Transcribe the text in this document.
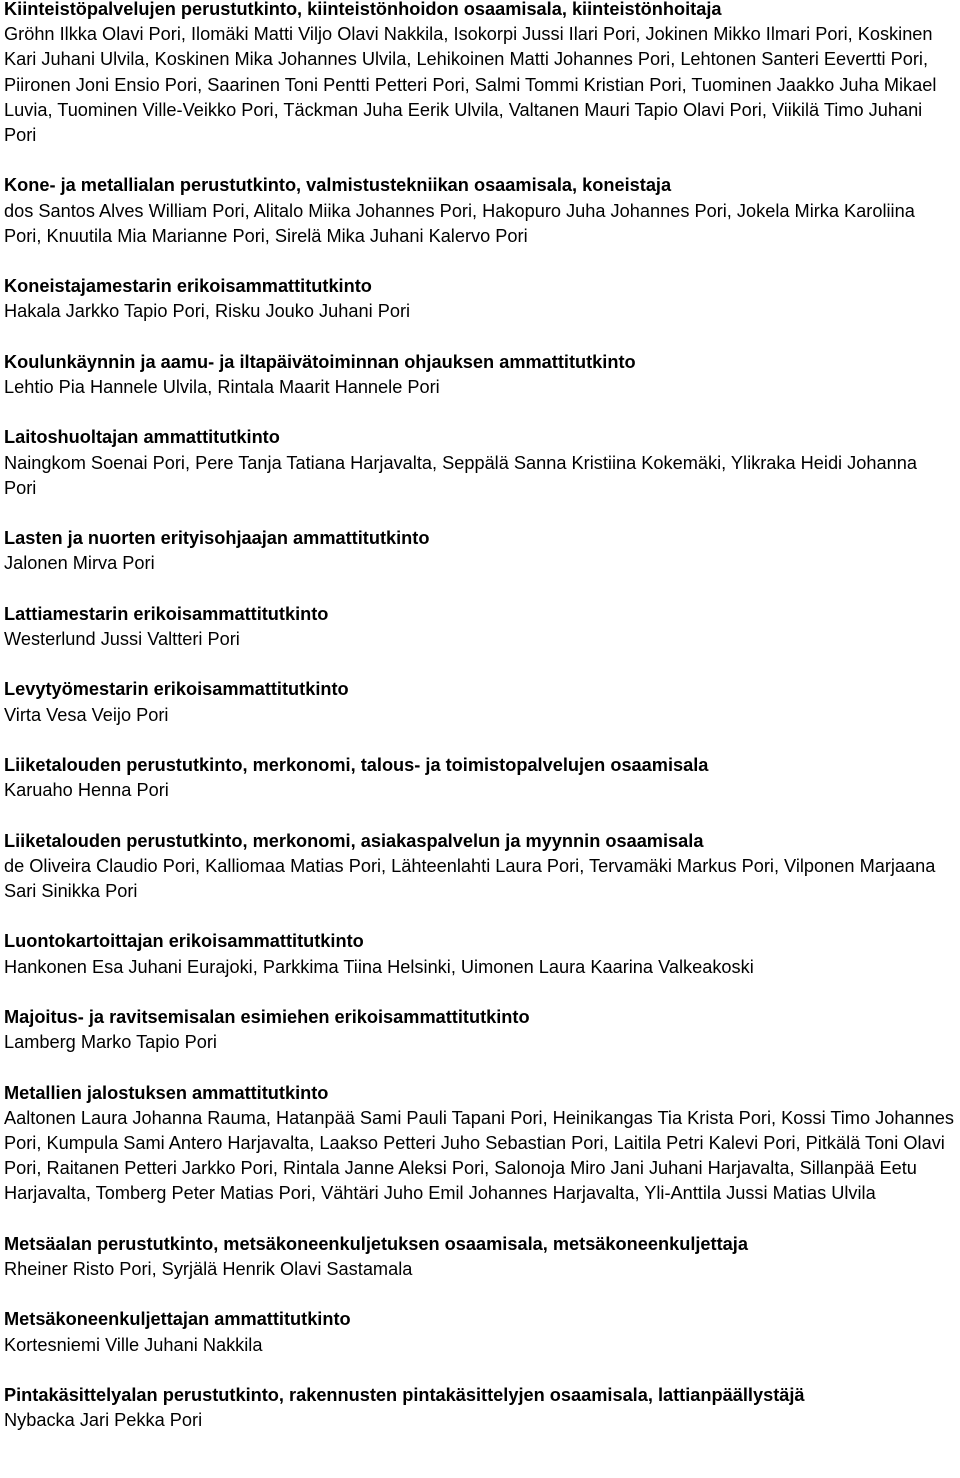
Kiinteistöpalvelujen perustutkinto, kiinteistönhoidon osaamisala, kiinteistönhoitaja
Gröhn Ilkka Olavi Pori, Ilomäki Matti Viljo Olavi Nakkila, Isokorpi Jussi Ilari Pori, Jokinen Mikko Ilmari Pori, Koskinen Kari Juhani Ulvila, Koskinen Mika Johannes Ulvila, Lehikoinen Matti Johannes Pori, Lehtonen Santeri Eevertti Pori, Piironen Joni Ensio Pori, Saarinen Toni Pentti Petteri Pori, Salmi Tommi Kristian Pori, Tuominen Jaakko Juha Mikael Luvia, Tuominen Ville-Veikko Pori, Täckman Juha Eerik Ulvila, Valtanen Mauri Tapio Olavi Pori, Viikilä Timo Juhani Pori
Kone- ja metallialan perustutkinto, valmistustekniikan osaamisala, koneistaja
dos Santos Alves William Pori, Alitalo Miika Johannes Pori, Hakopuro Juha Johannes Pori, Jokela Mirka Karoliina Pori, Knuutila Mia Marianne Pori, Sirelä Mika Juhani Kalervo Pori
Koneistajamestarin erikoisammattitutkinto
Hakala Jarkko Tapio Pori, Risku Jouko Juhani Pori
Koulunkäynnin ja aamu- ja iltapäivätoiminnan ohjauksen ammattitutkinto
Lehtio Pia Hannele Ulvila, Rintala Maarit Hannele Pori
Laitoshuoltajan ammattitutkinto
Naingkom Soenai Pori, Pere Tanja Tatiana Harjavalta, Seppälä Sanna Kristiina Kokemäki, Ylikraka Heidi Johanna Pori
Lasten ja nuorten erityisohjaajan ammattitutkinto
Jalonen Mirva Pori
Lattiamestarin erikoisammattitutkinto
Westerlund Jussi Valtteri Pori
Levytyömestarin erikoisammattitutkinto
Virta Vesa Veijo Pori
Liiketalouden perustutkinto, merkonomi, talous- ja toimistopalvelujen osaamisala
Karuaho Henna Pori
Liiketalouden perustutkinto, merkonomi, asiakaspalvelun ja myynnin osaamisala
de Oliveira Claudio Pori, Kalliomaa Matias Pori, Lähteenlahti Laura Pori, Tervamäki Markus Pori, Vilponen Marjaana Sari Sinikka Pori
Luontokartoittajan erikoisammattitutkinto
Hankonen Esa Juhani Eurajoki, Parkkima Tiina Helsinki, Uimonen Laura Kaarina Valkeakoski
Majoitus- ja ravitsemisalan esimiehen erikoisammattitutkinto
Lamberg Marko Tapio Pori
Metallien jalostuksen ammattitutkinto
Aaltonen Laura Johanna Rauma, Hatanpää Sami Pauli Tapani Pori, Heinikangas Tia Krista Pori, Kossi Timo Johannes Pori, Kumpula Sami Antero Harjavalta, Laakso Petteri Juho Sebastian Pori, Laitila Petri Kalevi Pori, Pitkälä Toni Olavi Pori, Raitanen Petteri Jarkko Pori, Rintala Janne Aleksi Pori, Salonoja Miro Jani Juhani Harjavalta, Sillanpää Eetu Harjavalta, Tomberg Peter Matias Pori, Vähtäri Juho Emil Johannes Harjavalta, Yli-Anttila Jussi Matias Ulvila
Metsäalan perustutkinto, metsäkoneenkuljetuksen osaamisala, metsäkoneenkuljettaja
Rheiner Risto Pori, Syrjälä Henrik Olavi Sastamala
Metsäkoneenkuljettajan ammattitutkinto
Kortesniemi Ville Juhani Nakkila
Pintakäsittelyalan perustutkinto, rakennusten pintakäsittelyjen osaamisala, lattianpäällystäjä
Nybacka Jari Pekka Pori
